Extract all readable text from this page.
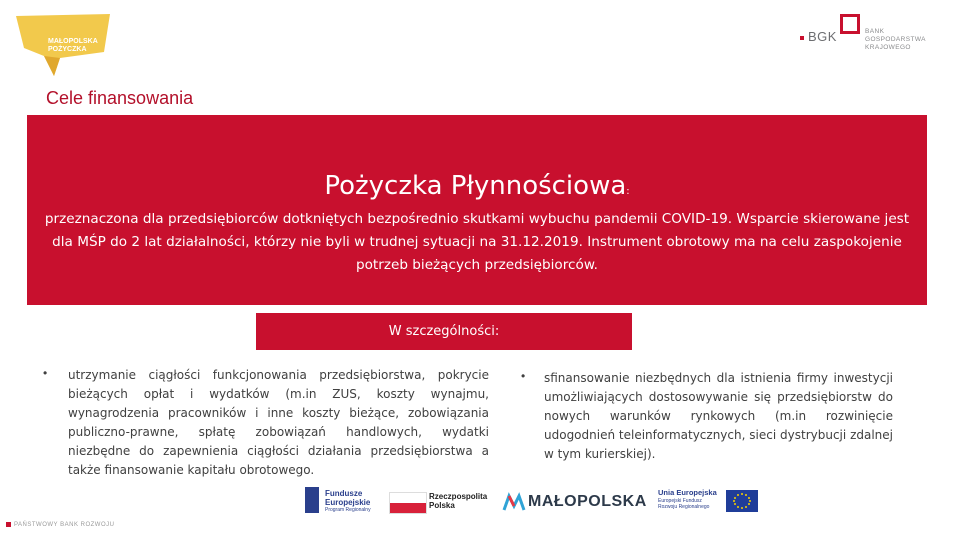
MAŁOPOLSKA POŻYCZKA
BGK	BANK GOSPODARSTWA KRAJOWEGO
Cele finansowania
Pożyczka Płynnościowa:
przeznaczona dla przedsiębiorców dotkniętych bezpośrednio skutkami wybuchu pandemii COVID-19. Wsparcie skierowane jest dla MŚP do 2 lat działalności, którzy nie byli w trudnej sytuacji na 31.12.2019. Instrument obrotowy ma na celu zaspokojenie potrzeb bieżących przedsiębiorców.
W szczególności:
• utrzymanie ciągłości funkcjonowania przedsiębiorstwa, pokrycie bieżących opłat i wydatków (m.in ZUS, koszty wynajmu, wynagrodzenia pracowników i inne koszty bieżące, zobowiązania publiczno-prawne, spłatę zobowiązań handlowych, wydatki niezbędne do zapewnienia ciągłości działania przedsiębiorstwa a także finansowanie kapitału obrotowego.
• sfinansowanie niezbędnych dla istnienia firmy inwestycji umożliwiających dostosowywanie się przedsiębiorstw do nowych warunków rynkowych (m.in rozwinięcie udogodnień teleinformatycznych, sieci dystrybucji zdalnej w tym kurierskiej).
PAŃSTWOWY BANK ROZWOJU
Fundusze
Europejskie
Program Regionalny
Rzeczpospolita
Polska	MAŁOPOLSKA
Unia Europejska
Europejski Fundusz
Rozwoju Regionalnego
